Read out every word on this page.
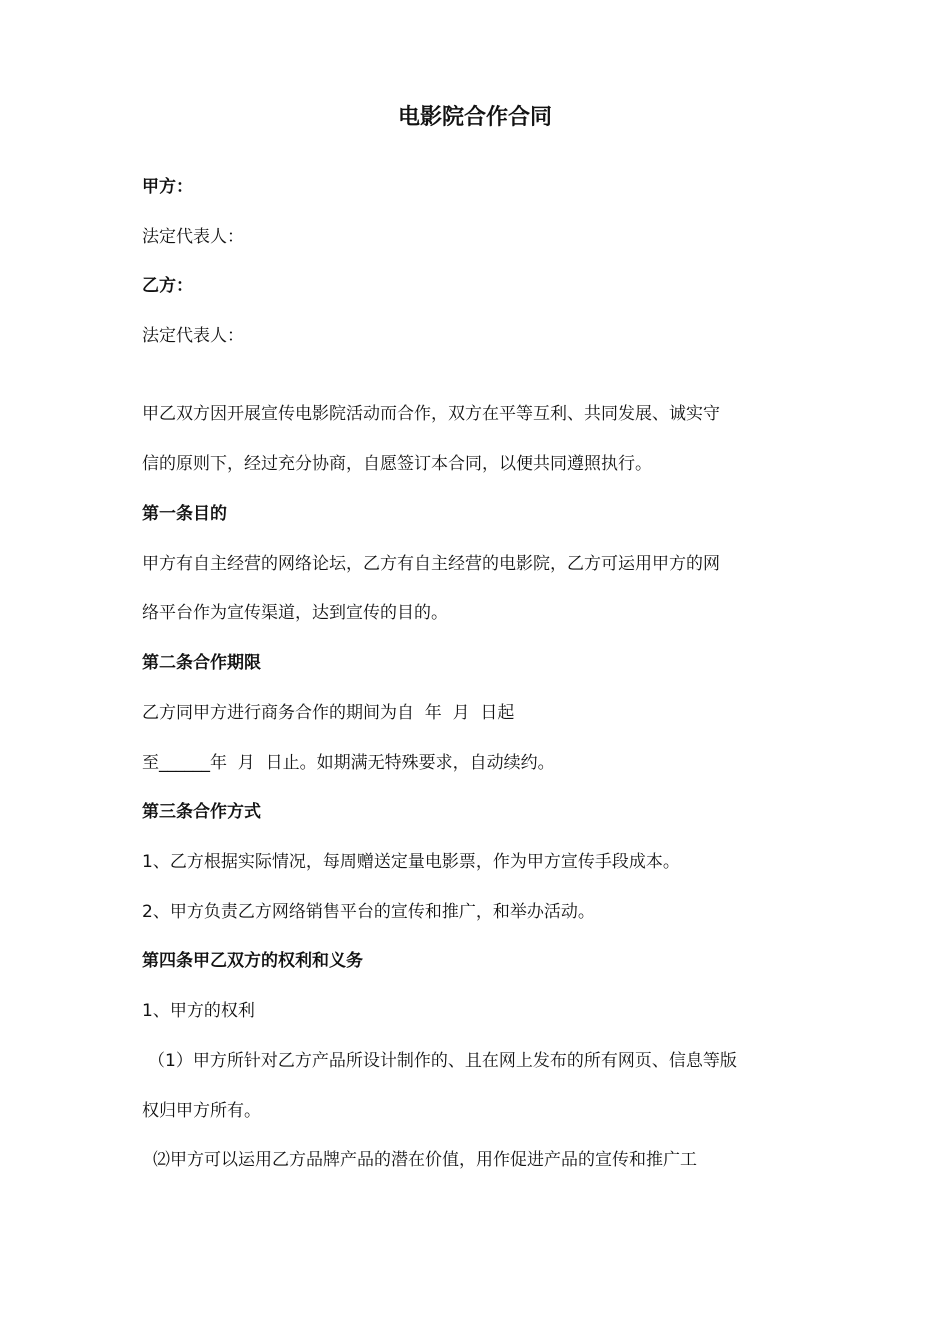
电影院合作合同
甲方：
法定代表人：
乙方：
法定代表人：
甲乙双方因开展宣传电影院活动而合作，双方在平等互利、共同发展、诚实守
信的原则下，经过充分协商，自愿签订本合同，以便共同遵照执行。
第一条目的
甲方有自主经营的网络论坛，乙方有自主经营的电影院，乙方可运用甲方的网
络平台作为宣传渠道，达到宣传的目的。
第二条合作期限
乙方同甲方进行商务合作的期间为自  年  月  日起
至______年  月  日止。如期满无特殊要求，自动续约。
第三条合作方式
1、乙方根据实际情况，每周赠送定量电影票，作为甲方宣传手段成本。
2、甲方负责乙方网络销售平台的宣传和推广，和举办活动。
第四条甲乙双方的权利和义务
1、甲方的权利
（1）甲方所针对乙方产品所设计制作的、且在网上发布的所有网页、信息等版
权归甲方所有。
⑵甲方可以运用乙方品牌产品的潜在价值，用作促进产品的宣传和推广工
